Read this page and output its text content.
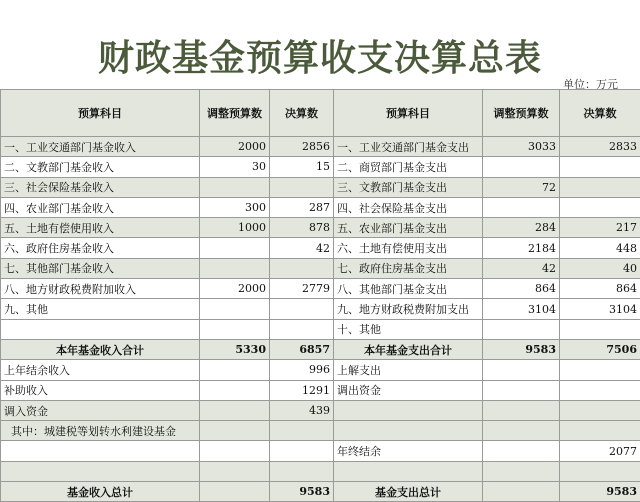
财政基金预算收支决算总表
单位：万元
预算科目	调整预算数	决算数	预算科目	调整预算数	决算数
一、工业交通部门基金收入	2000	2856	一、工业交通部门基金支出	3033	2833
二、文教部门基金收入	30	15	二、商贸部门基金支出		
三、社会保险基金收入			三、文教部门基金支出	72	
四、农业部门基金收入	300	287	四、社会保险基金支出		
五、土地有偿使用收入	1000	878	五、农业部门基金支出	284	217
六、政府住房基金收入		42	六、土地有偿使用支出	2184	448
七、其他部门基金收入			七、政府住房基金支出	42	40
八、地方财政税费附加收入	2000	2779	八、其他部门基金支出	864	864
九、其他			九、地方财政税费附加支出	3104	3104
			十、其他		
本年基金收入合计	5330	6857	本年基金支出合计	9583	7506
上年结余收入		996	上解支出		
补助收入		1291	调出资金		
调入资金		439			
其中：城建税等划转水利建设基金					
			年终结余		2077

基金收入总计		9583	基金支出总计		9583
